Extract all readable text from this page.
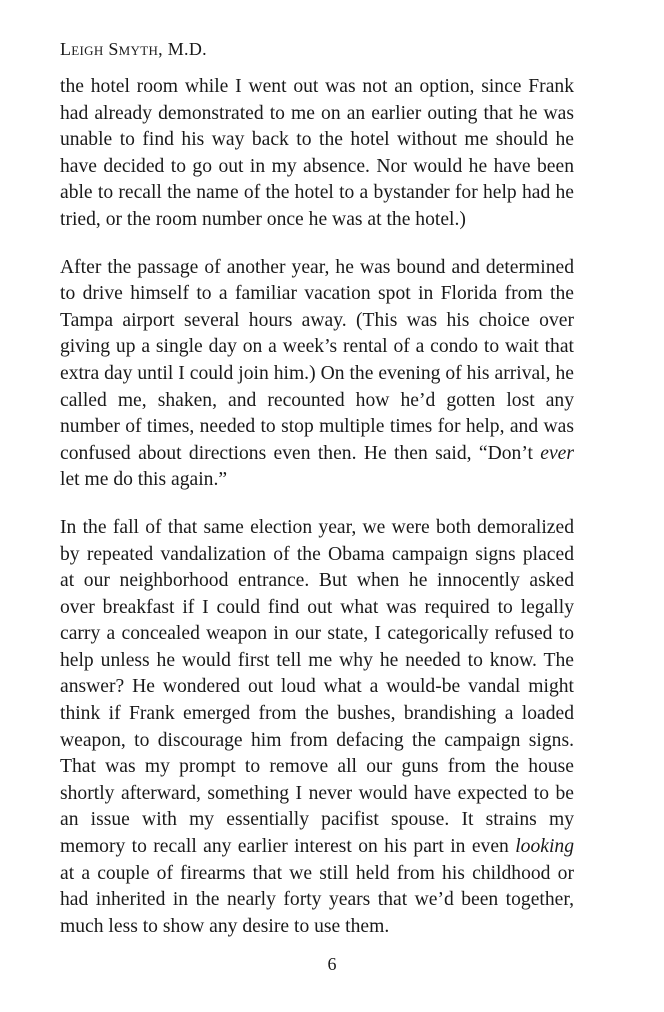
Leigh Smyth, M.D.

the hotel room while I went out was not an option, since Frank had already demonstrated to me on an earlier outing that he was unable to find his way back to the hotel without me should he have decided to go out in my absence. Nor would he have been able to recall the name of the hotel to a bystander for help had he tried, or the room number once he was at the hotel.)

After the passage of another year, he was bound and determined to drive himself to a familiar vacation spot in Florida from the Tampa airport several hours away. (This was his choice over giving up a single day on a week’s rental of a condo to wait that extra day until I could join him.) On the evening of his arrival, he called me, shaken, and recounted how he’d gotten lost any number of times, needed to stop multiple times for help, and was confused about directions even then. He then said, “Don’t ever let me do this again.”

In the fall of that same election year, we were both demoralized by repeated vandalization of the Obama campaign signs placed at our neighborhood entrance. But when he innocently asked over breakfast if I could find out what was required to legally carry a concealed weapon in our state, I categorically refused to help unless he would first tell me why he needed to know. The answer? He wondered out loud what a would-be vandal might think if Frank emerged from the bushes, brandishing a loaded weapon, to discourage him from defacing the campaign signs. That was my prompt to remove all our guns from the house shortly afterward, something I never would have expected to be an issue with my essentially pacifist spouse. It strains my memory to recall any earlier interest on his part in even looking at a couple of firearms that we still held from his childhood or had inherited in the nearly forty years that we’d been together, much less to show any desire to use them.

6
